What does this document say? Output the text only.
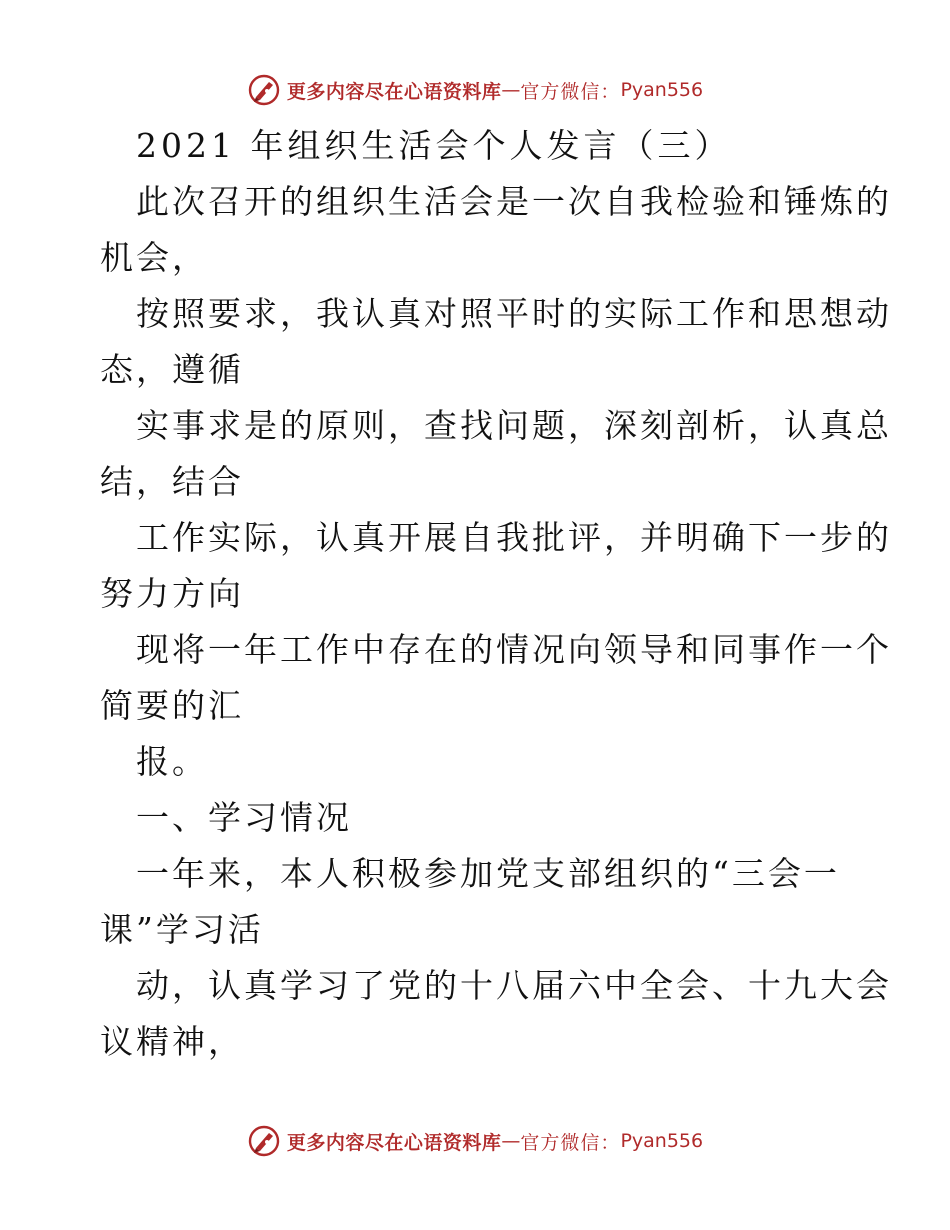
更多内容尽在心语资料库 — 官方微信： Pyan556
2021 年组织生活会个人发言（三）
此次召开的组织生活会是一次自我检验和锤炼的
机会，
按照要求，我认真对照平时的实际工作和思想动
态，遵循
实事求是的原则，查找问题，深刻剖析，认真总
结，结合
工作实际，认真开展自我批评，并明确下一步的
努力方向
现将一年工作中存在的情况向领导和同事作一个
简要的汇
报。
一、学习情况
一年来，本人积极参加党支部组织的“三会一
课”学习活
动，认真学习了党的十八届六中全会、十九大会
议精神，
更多内容尽在心语资料库 — 官方微信： Pyan556
